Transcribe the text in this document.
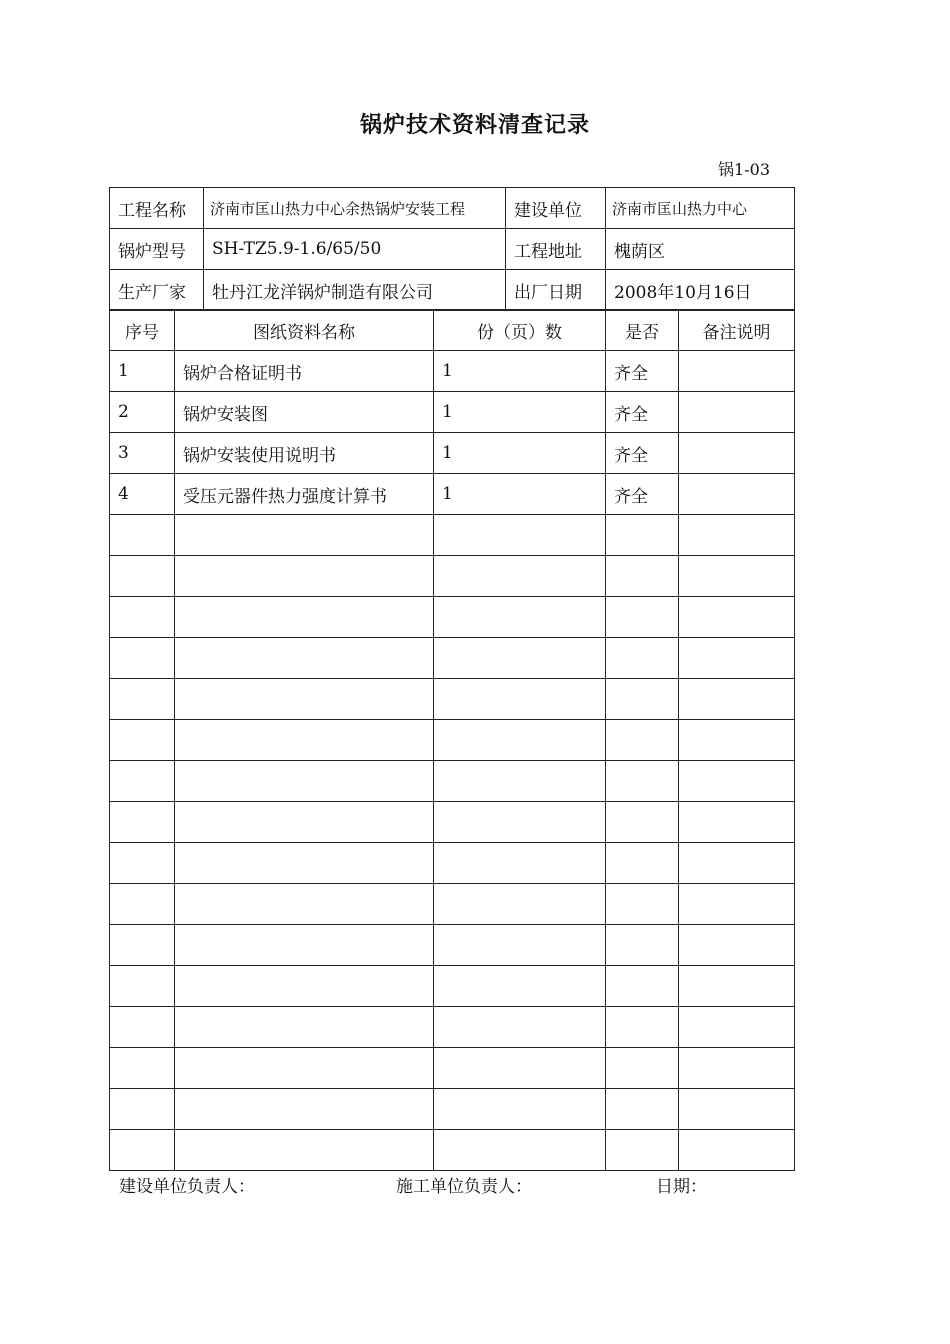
锅炉技术资料清查记录
锅1-03
工程名称	济南市匡山热力中心余热锅炉安装工程	建设单位	济南市匡山热力中心
锅炉型号	SH-TZ5.9-1.6/65/50	工程地址	槐荫区
生产厂家	牡丹江龙洋锅炉制造有限公司	出厂日期	2008年10月16日
序号	图纸资料名称	份（页）数	是否	备注说明
1	锅炉合格证明书	1	齐全	
2	锅炉安装图	1	齐全	
3	锅炉安装使用说明书	1	齐全	
4	受压元器件热力强度计算书	1	齐全	

建设单位负责人：	施工单位负责人：	日期：
